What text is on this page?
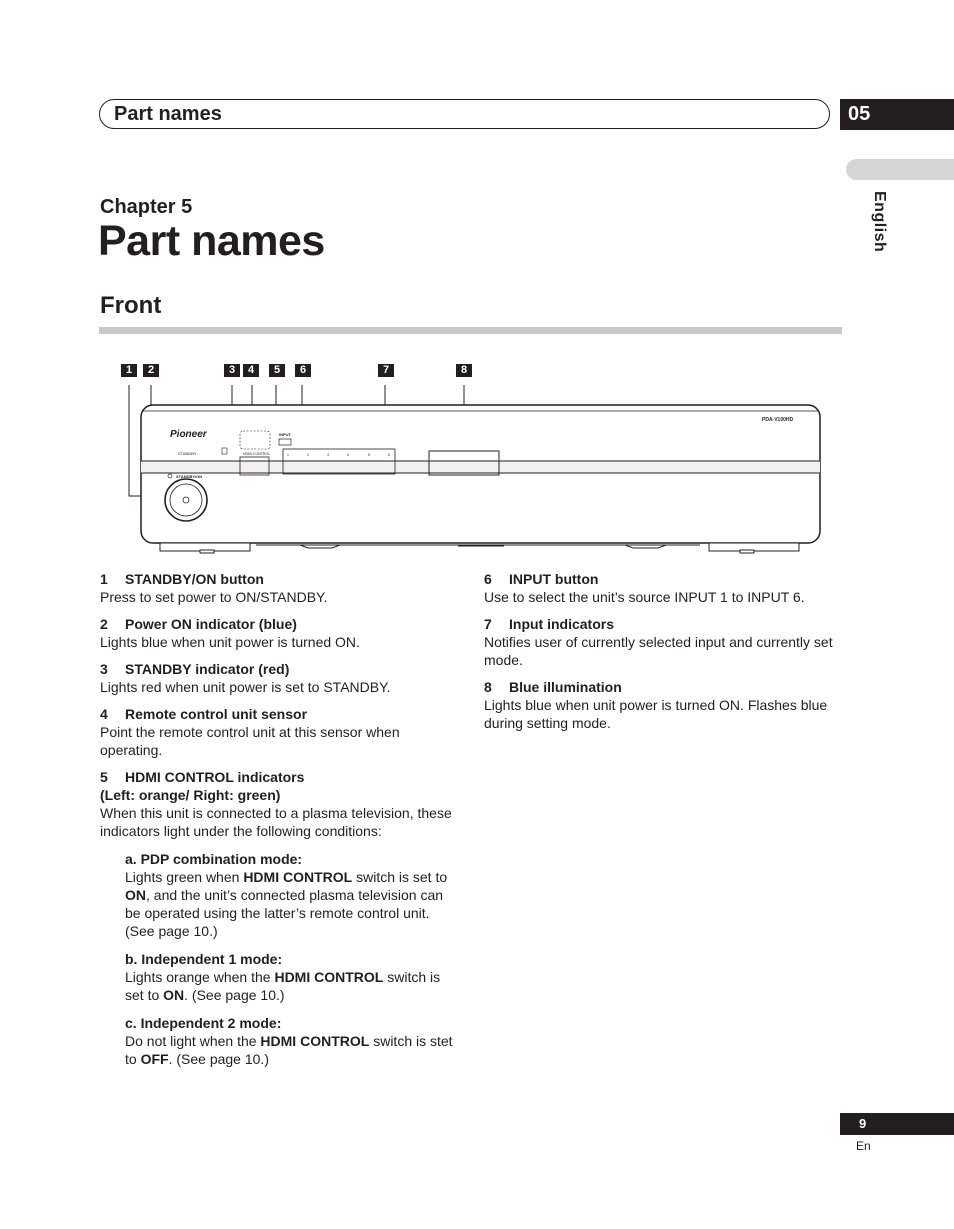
Part names	05
English
Chapter 5
Part names
Front
1	2	3	4	5	6	7	8
Pioneer
PDA-V100HD
STANDBY	HDMI CONTROL
INPUT
1	2	3	4	5	6
STANDBY/ON
1 STANDBY/ON button
Press to set power to ON/STANDBY.
2 Power ON indicator (blue)
Lights blue when unit power is turned ON.
3 STANDBY indicator (red)
Lights red when unit power is set to STANDBY.
4 Remote control unit sensor
Point the remote control unit at this sensor when operating.
5 HDMI CONTROL indicators
(Left: orange/ Right: green)
When this unit is connected to a plasma television, these indicators light under the following conditions:
a. PDP combination mode:
Lights green when HDMI CONTROL switch is set to ON, and the unit’s connected plasma television can be operated using the latter’s remote control unit. (See page 10.)
b. Independent 1 mode:
Lights orange when the HDMI CONTROL switch is set to ON. (See page 10.)
c. Independent 2 mode:
Do not light when the HDMI CONTROL switch is stet to OFF. (See page 10.)
6 INPUT button
Use to select the unit’s source INPUT 1 to INPUT 6.
7 Input indicators
Notifies user of currently selected input and currently set mode.
8 Blue illumination
Lights blue when unit power is turned ON. Flashes blue during setting mode.
9
En
